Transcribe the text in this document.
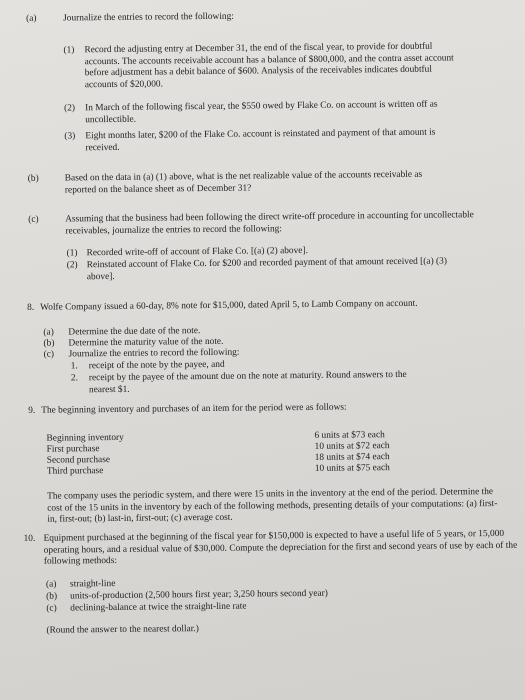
(a)	Journalize the entries to record the following:

(1) Record the adjusting entry at December 31, the end of the fiscal year, to provide for doubtful accounts. The accounts receivable account has a balance of $800,000, and the contra asset account before adjustment has a debit balance of $600. Analysis of the receivables indicates doubtful accounts of $20,000.

(2) In March of the following fiscal year, the $550 owed by Flake Co. on account is written off as uncollectible.

(3) Eight months later, $200 of the Flake Co. account is reinstated and payment of that amount is received.

(b)	Based on the data in (a) (1) above, what is the net realizable value of the accounts receivable as reported on the balance sheet as of December 31?

(c)	Assuming that the business had been following the direct write-off procedure in accounting for uncollectable receivables, journalize the entries to record the following:

(1) Recorded write-off of account of Flake Co. [(a) (2) above].

(2) Reinstated account of Flake Co. for $200 and recorded payment of that amount received [(a) (3) above].

8. Wolfe Company issued a 60-day, 8% note for $15,000, dated April 5, to Lamb Company on account.

(a) Determine the due date of the note.

(b) Determine the maturity value of the note.

(c) Journalize the entries to record the following:

1. receipt of the note by the payee, and

2. receipt by the payee of the amount due on the note at maturity. Round answers to the nearest $1.

9. The beginning inventory and purchases of an item for the period were as follows:

Beginning inventory	6 units at $73 each
First purchase	10 units at $72 each
Second purchase	18 units at $74 each
Third purchase	10 units at $75 each

The company uses the periodic system, and there were 15 units in the inventory at the end of the period. Determine the cost of the 15 units in the inventory by each of the following methods, presenting details of your computations: (a) first-in, first-out; (b) last-in, first-out; (c) average cost.

10. Equipment purchased at the beginning of the fiscal year for $150,000 is expected to have a useful life of 5 years, or 15,000 operating hours, and a residual value of $30,000. Compute the depreciation for the first and second years of use by each of the following methods:

(a) straight-line

(b) units-of-production (2,500 hours first year; 3,250 hours second year)

(c) declining-balance at twice the straight-line rate

(Round the answer to the nearest dollar.)
